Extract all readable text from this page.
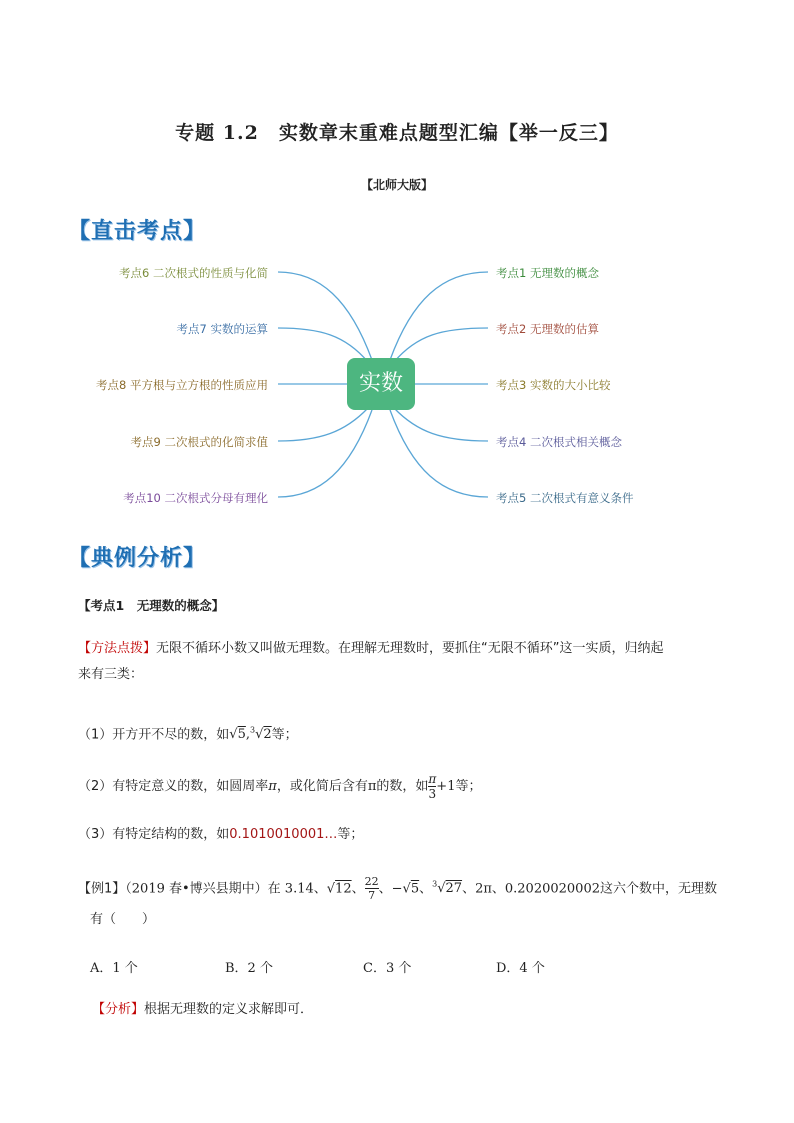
专题 1.2　实数章末重难点题型汇编【举一反三】
【北师大版】
【直击考点】
实数
考点6 二次根式的性质与化简
考点7 实数的运算
考点8 平方根与立方根的性质应用
考点9 二次根式的化简求值
考点10 二次根式分母有理化
考点1 无理数的概念
考点2 无理数的估算
考点3 实数的大小比较
考点4 二次根式相关概念
考点5 二次根式有意义条件
【典例分析】
【考点1　无理数的概念】
【方法点拨】无限不循环小数又叫做无理数。在理解无理数时，要抓住“无限不循环”这一实质，归纳起
来有三类：
（1）开方开不尽的数，如√5,$^3$√2等；
（2）有特定意义的数，如圆周率π，或化简后含有π的数，如 $\frac{\pi}{3} +1$等；
（3）有特定结构的数，如0.1010010001…等；
【例1】（2019 春•博兴县期中）在 3.14、√12、 $\frac{22}{7}$ 、−√5、$^3$√27、2π、0.2020020002这六个数中，无理数
有（　　）
A．1 个	B．2 个	C．3 个	D．4 个
【分析】根据无理数的定义求解即可．
